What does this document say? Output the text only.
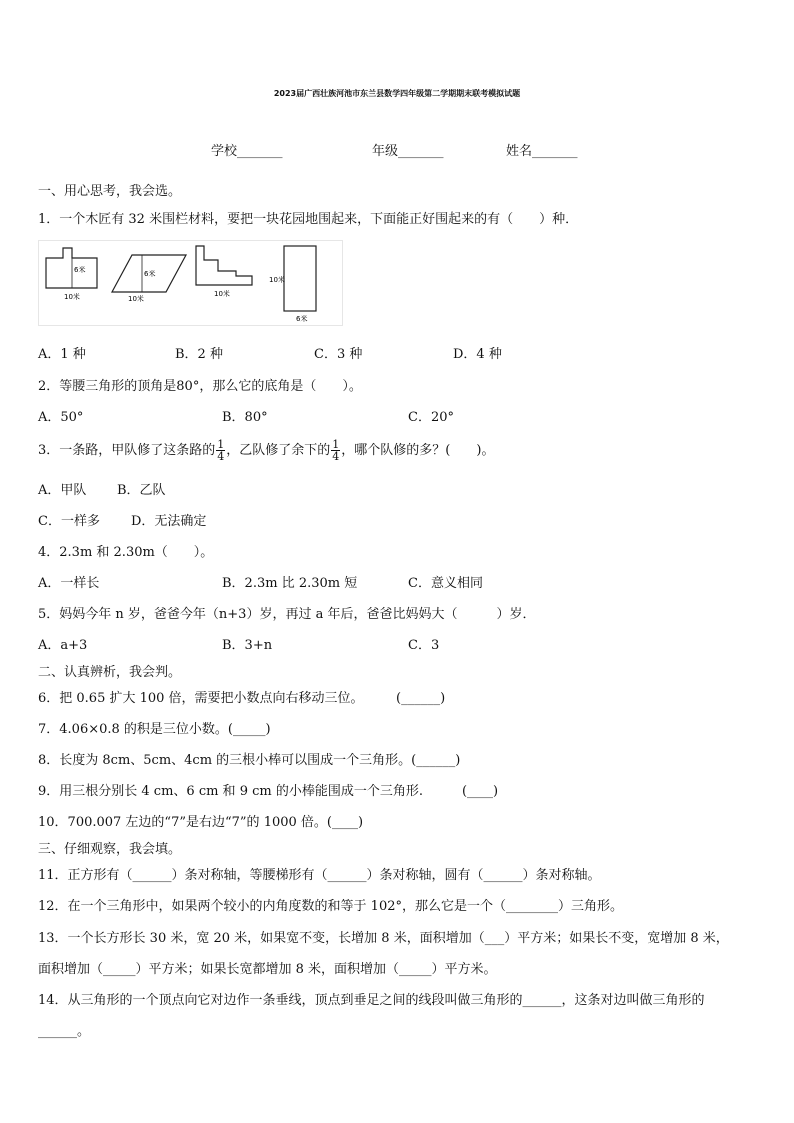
2023届广西壮族河池市东兰县数学四年级第二学期期末联考模拟试题
学校_______	年级_______	姓名_______
一、用心思考，我会选。
1．一个木匠有 32 米围栏材料，要把一块花园地围起来，下面能正好围起来的有（　　）种．
6米
10米
6米
10米
10米
10米
6米
A．1 种	B．2 种	C．3 种	D．4 种
2．等腰三角形的顶角是80°，那么它的底角是（　　）。
A．50°	B．80°	C．20°
3．一条路，甲队修了这条路的 $\frac{1}{4}$ ，乙队修了余下的 $\frac{1}{4}$ ，哪个队修的多？(　　)。
A．甲队 B．乙队
C．一样多 D．无法确定
4．2.3m 和 2.30m（　　）。
A．一样长	B．2.3m 比 2.30m 短	C．意义相同
5．妈妈今年 n 岁，爸爸今年（n+3）岁，再过 a 年后，爸爸比妈妈大（　　　）岁．
A．a+3	B．3+n	C．3
二、认真辨析，我会判。
6．把 0.65 扩大 100 倍，需要把小数点向右移动三位。　　　(______)
7．4.06×0.8 的积是三位小数。(_____)
8．长度为 8cm、5cm、4cm 的三根小棒可以围成一个三角形。(______)
9．用三根分别长 4 cm、6 cm 和 9 cm 的小棒能围成一个三角形.　　　(____)
10．700.007 左边的“7”是右边“7”的 1000 倍。(____)
三、仔细观察，我会填。
11．正方形有（______）条对称轴，等腰梯形有（______）条对称轴，圆有（______）条对称轴。
12．在一个三角形中，如果两个较小的内角度数的和等于 102°，那么它是一个（________）三角形。
13．一个长方形长 30 米，宽 20 米，如果宽不变，长增加 8 米，面积增加（___）平方米；如果长不变，宽增加 8 米，
面积增加（_____）平方米；如果长宽都增加 8 米，面积增加（_____）平方米。
14．从三角形的一个顶点向它对边作一条垂线，顶点到垂足之间的线段叫做三角形的______，这条对边叫做三角形的
______。
